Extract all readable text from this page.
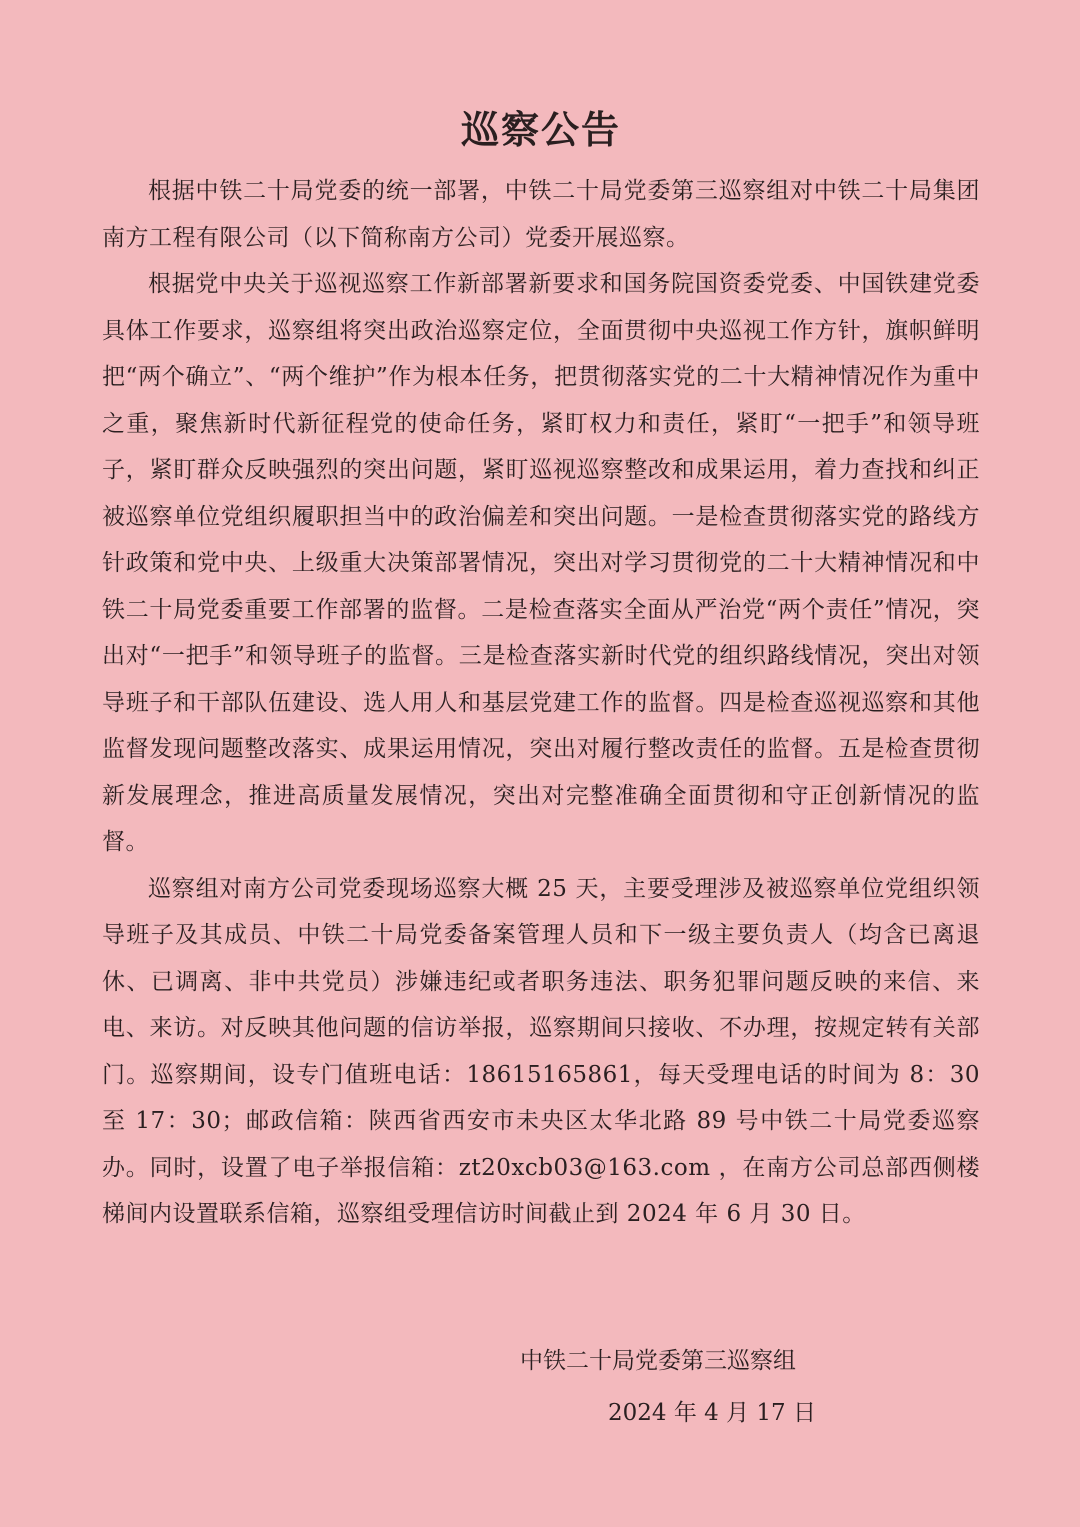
巡察公告

根据中铁二十局党委的统一部署，中铁二十局党委第三巡察组对中铁二十局集团南方工程有限公司（以下简称南方公司）党委开展巡察。

根据党中央关于巡视巡察工作新部署新要求和国务院国资委党委、中国铁建党委具体工作要求，巡察组将突出政治巡察定位，全面贯彻中央巡视工作方针，旗帜鲜明把“两个确立”、“两个维护”作为根本任务，把贯彻落实党的二十大精神情况作为重中之重，聚焦新时代新征程党的使命任务，紧盯权力和责任，紧盯“一把手”和领导班子，紧盯群众反映强烈的突出问题，紧盯巡视巡察整改和成果运用，着力查找和纠正被巡察单位党组织履职担当中的政治偏差和突出问题。一是检查贯彻落实党的路线方针政策和党中央、上级重大决策部署情况，突出对学习贯彻党的二十大精神情况和中铁二十局党委重要工作部署的监督。二是检查落实全面从严治党“两个责任”情况，突出对“一把手”和领导班子的监督。三是检查落实新时代党的组织路线情况，突出对领导班子和干部队伍建设、选人用人和基层党建工作的监督。四是检查巡视巡察和其他监督发现问题整改落实、成果运用情况，突出对履行整改责任的监督。五是检查贯彻新发展理念，推进高质量发展情况，突出对完整准确全面贯彻和守正创新情况的监督。

巡察组对南方公司党委现场巡察大概 25 天，主要受理涉及被巡察单位党组织领导班子及其成员、中铁二十局党委备案管理人员和下一级主要负责人（均含已离退休、已调离、非中共党员）涉嫌违纪或者职务违法、职务犯罪问题反映的来信、来电、来访。对反映其他问题的信访举报，巡察期间只接收、不办理，按规定转有关部门。巡察期间，设专门值班电话：18615165861，每天受理电话的时间为 8：30 至 17：30；邮政信箱：陕西省西安市未央区太华北路 89 号中铁二十局党委巡察办。同时，设置了电子举报信箱：zt20xcb03@163.com ，在南方公司总部西侧楼梯间内设置联系信箱，巡察组受理信访时间截止到 2024 年 6 月 30 日。

中铁二十局党委第三巡察组
2024 年 4 月 17 日
